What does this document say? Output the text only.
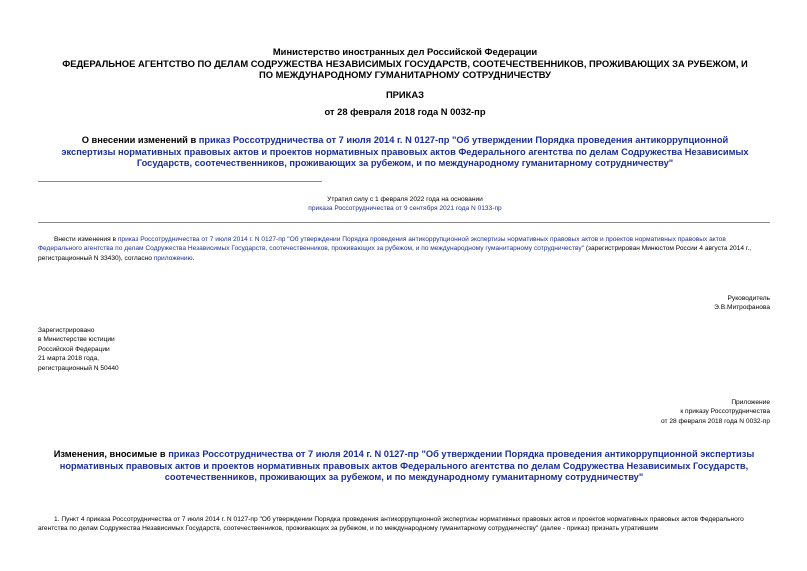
Министерство иностранных дел Российской Федерации

ФЕДЕРАЛЬНОЕ АГЕНТСТВО ПО ДЕЛАМ СОДРУЖЕСТВА НЕЗАВИСИМЫХ ГОСУДАРСТВ, СООТЕЧЕСТВЕННИКОВ, ПРОЖИВАЮЩИХ ЗА РУБЕЖОМ, И ПО МЕЖДУНАРОДНОМУ ГУМАНИТАРНОМУ СОТРУДНИЧЕСТВУ

ПРИКАЗ
от 28 февраля 2018 года N 0032-пр
О внесении изменений в приказ Россотрудничества от 7 июля 2014 г. N 0127-пр "Об утверждении Порядка проведения антикоррупционной экспертизы нормативных правовых актов и проектов нормативных правовых актов Федерального агентства по делам Содружества Независимых Государств, соотечественников, проживающих за рубежом, и по международному гуманитарному сотрудничеству"

Утратил силу с 1 февраля 2022 года на основании

приказа Россотрудничества от 9 сентября 2021 года N 0133-пр

Внести изменения в приказ Россотрудничества от 7 июля 2014 г. N 0127-пр "Об утверждении Порядка проведения антикоррупционной экспертизы нормативных правовых актов и проектов нормативных правовых актов Федерального агентства по делам Содружества Независимых Государств, соотечественников, проживающих за рубежом, и по международному гуманитарному сотрудничеству" (зарегистрирован Минюстом России 4 августа 2014 г., регистрационный N 33430), согласно приложению.

Руководитель

Э.В.Митрофанова

Зарегистрировано

в Министерстве юстиции

Российской Федерации

21 марта 2018 года,

регистрационный N 50440

Приложение

к приказу Россотрудничества

от 28 февраля 2018 года N 0032-пр

Изменения, вносимые в приказ Россотрудничества от 7 июля 2014 г. N 0127-пр "Об утверждении Порядка проведения антикоррупционной экспертизы нормативных правовых актов и проектов нормативных правовых актов Федерального агентства по делам Содружества Независимых Государств, соотечественников, проживающих за рубежом, и по международному гуманитарному сотрудничеству"
1. Пункт 4 приказа Россотрудничества от 7 июля 2014 г. N 0127-пр "Об утверждении Порядка проведения антикоррупционной экспертизы нормативных правовых актов и проектов нормативных правовых актов Федерального агентства по делам Содружества Независимых Государств, соотечественников, проживающих за рубежом, и по международному гуманитарному сотрудничеству" (далее - приказ) признать утратившим
